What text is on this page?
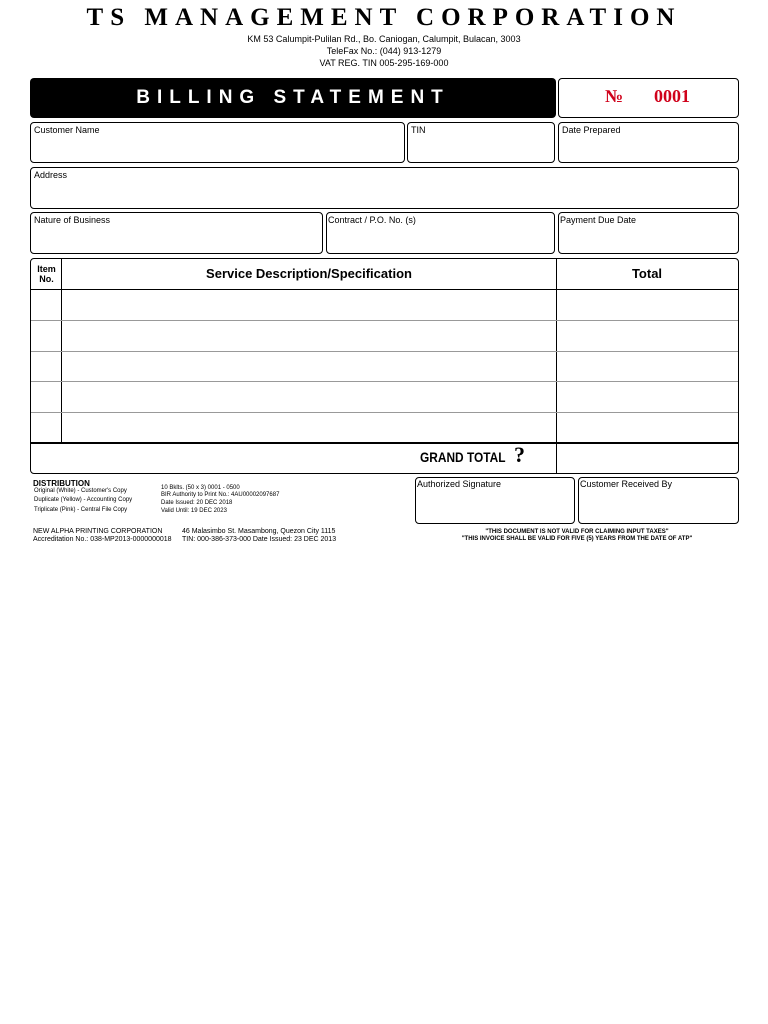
TS MANAGEMENT CORPORATION
KM 53 Calumpit-Pulilan Rd., Bo. Caniogan, Calumpit, Bulacan, 3003
TeleFax No.: (044) 913-1279
VAT REG. TIN 005-295-169-000
BILLING STATEMENT	№ 0001
Customer Name	TIN	Date Prepared
Address
Nature of Business	Contract / P.O. No. (s)	Payment Due Date
Item
No.	Service Description/Specification	Total
GRAND TOTAL ?
DISTRIBUTION
Original (White) - Customer's Copy
Duplicate (Yellow) - Accounting Copy
Triplicate (Pink) - Central File Copy
10 Bklts. (50 x 3) 0001 - 0500
BIR Authority to Print No.: 4AU00002097687
Date Issued: 20 DEC 2018
Valid Until: 19 DEC 2023
Authorized Signature	Customer Received By
NEW ALPHA PRINTING CORPORATION
Accreditation No.: 038-MP2013-0000000018
46 Malasimbo St. Masambong, Quezon City 1115
TIN: 000-386-373-000 Date Issued: 23 DEC 2013
"THIS DOCUMENT IS NOT VALID FOR CLAIMING INPUT TAXES"
"THIS INVOICE SHALL BE VALID FOR FIVE (5) YEARS FROM THE DATE OF ATP"
